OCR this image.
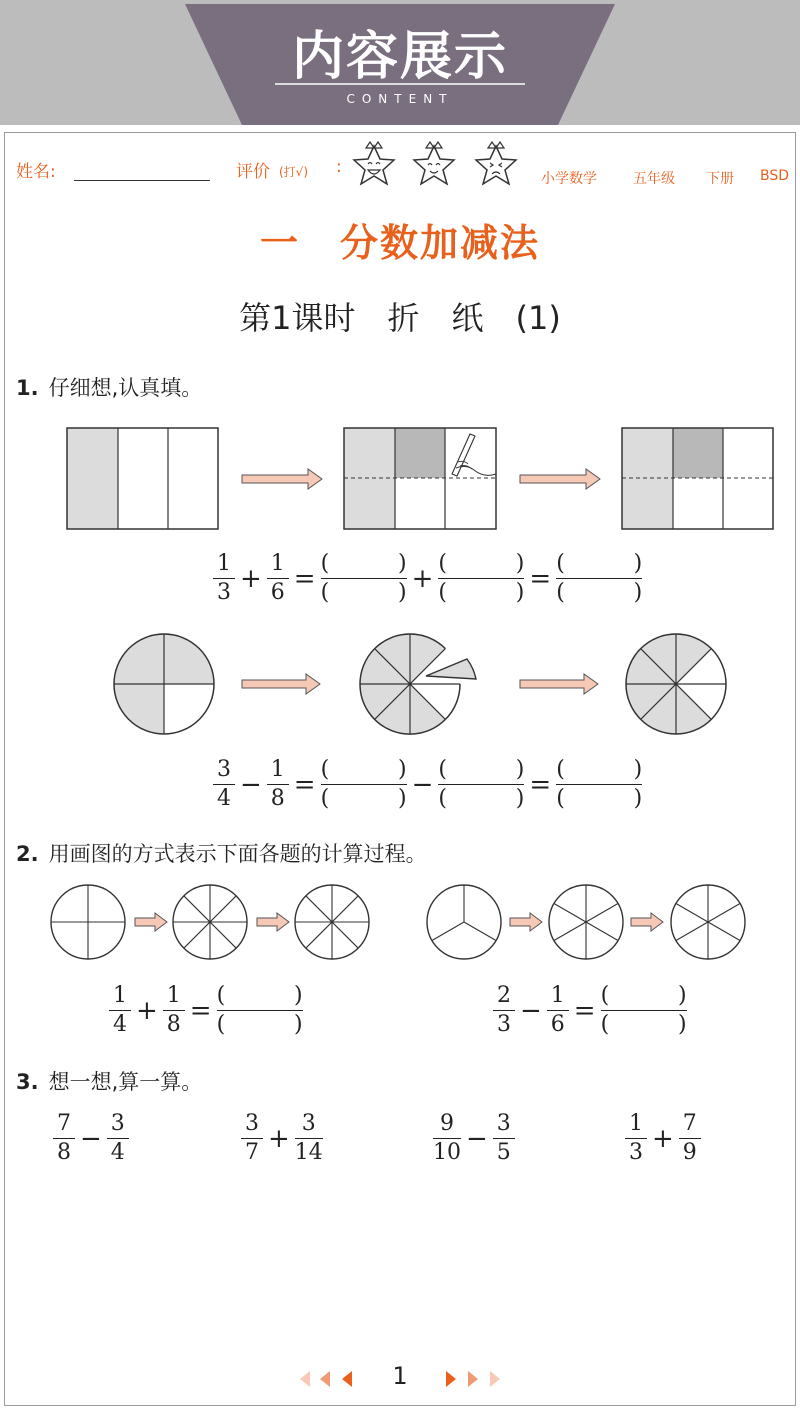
内容展示
CONTENT
姓名:	评价 (打√) :
小学数学	五年级 下册 BSD
一　分数加减法
第1课时　折　纸　(1)
1. 仔细想,认真填。
$\frac{1}{3} + \frac{1}{6}$ = (	)
(	) + (	)
(	) = (	)
(	)
$\frac{3}{4} - \frac{1}{8}$ = (	)
(	) − (	)
(	) = (	)
(	)
2. 用画图的方式表示下面各题的计算过程。
$\frac{1}{4} + \frac{1}{8}$ = (	)
(	)	$\frac{2}{3} - \frac{1}{6}$ = (	)
(	)
3. 想一想,算一算。
$\frac{7}{8} - \frac{3}{4}$	$\frac{3}{7} + \frac{3}{14}$	$\frac{9}{10} - \frac{3}{5}$	$\frac{1}{3} + \frac{7}{9}$
1
